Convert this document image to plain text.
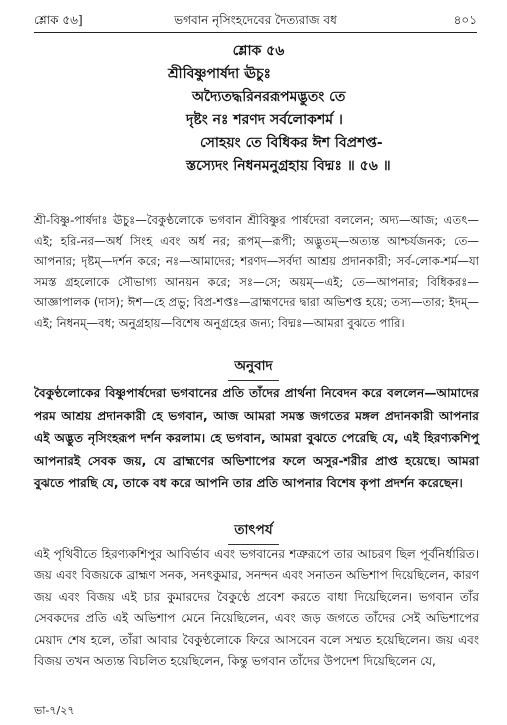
শ্লোক ৫৬]	ভগবান নৃসিংহদেবের দৈত্যরাজ বধ	৪০১
শ্লোক ৫৬
শ্রীবিষ্ণুপার্ষদা ঊচুঃ
অদ্যৈতদ্ধরিনররূপমদ্ভুতং তে
দৃষ্টং নঃ শরণদ সর্বলোকশর্ম ।
সোহয়ং তে বিধিকর ঈশ বিপ্রশপ্ত-
স্তস্যেদং নিধনমনুগ্রহায় বিদ্মঃ ॥ ৫৬ ॥
শ্রী-বিষ্ণু-পার্ষদাঃ ঊচুঃ—বৈকুণ্ঠলোকে ভগবান শ্রীবিষ্ণুর পার্ষদেরা বললেন; অদ্য—আজ; এতৎ—এই; হরি-নর—অর্ধ সিংহ এবং অর্ধ নর; রূপম্—রূপী; অদ্ভুতম্—অত্যন্ত আশ্চর্যজনক; তে—আপনার; দৃষ্টম্—দর্শন করে; নঃ—আমাদের; শরণদ—সর্বদা আশ্রয় প্রদানকারী; সর্ব-লোক-শর্ম—যা সমস্ত গ্রহলোকে সৌভাগ্য আনয়ন করে; সঃ—সে; অয়ম্—এই; তে—আপনার; বিধিকরঃ—আজ্ঞাপালক (দাস); ঈশ—হে প্রভু; বিপ্র-শপ্তঃ—ব্রাহ্মণদের দ্বারা অভিশপ্ত হয়ে; তস্য—তার; ইদম্—এই; নিধনম্—বধ; অনুগ্রহায়—বিশেষ অনুগ্রহের জন্য; বিদ্মঃ—আমরা বুঝতে পারি।
অনুবাদ
বৈকুণ্ঠলোকের বিষ্ণুপার্ষদেরা ভগবানের প্রতি তাঁদের প্রার্থনা নিবেদন করে বললেন—আমাদের পরম আশ্রয় প্রদানকারী হে ভগবান, আজ আমরা সমস্ত জগতের মঙ্গল প্রদানকারী আপনার এই অদ্ভুত নৃসিংহরূপ দর্শন করলাম। হে ভগবান, আমরা বুঝতে পেরেছি যে, এই হিরণ্যকশিপু আপনারই সেবক জয়, যে ব্রাহ্মণের অভিশাপের ফলে অসুর-শরীর প্রাপ্ত হয়েছে। আমরা বুঝতে পারছি যে, তাকে বধ করে আপনি তার প্রতি আপনার বিশেষ কৃপা প্রদর্শন করেছেন।
তাৎপর্য
এই পৃথিবীতে হিরণ্যকশিপুর আবির্ভাব এবং ভগবানের শত্রুরূপে তার আচরণ ছিল পূর্বনির্ধারিত। জয় এবং বিজয়কে ব্রাহ্মণ সনক, সনৎকুমার, সনন্দন এবং সনাতন অভিশাপ দিয়েছিলেন, কারণ জয় এবং বিজয় এই চার কুমারদের বৈকুণ্ঠে প্রবেশ করতে বাধা দিয়েছিলেন। ভগবান তাঁর সেবকদের প্রতি এই অভিশাপ মেনে নিয়েছিলেন, এবং জড় জগতে তাঁদের সেই অভিশাপের মেয়াদ শেষ হলে, তাঁরা আবার বৈকুণ্ঠলোকে ফিরে আসবেন বলে সম্মত হয়েছিলেন। জয় এবং বিজয় তখন অত্যন্ত বিচলিত হয়েছিলেন, কিন্তু ভগবান তাঁদের উপদেশ দিয়েছিলেন যে,
ভা-৭/২৭
